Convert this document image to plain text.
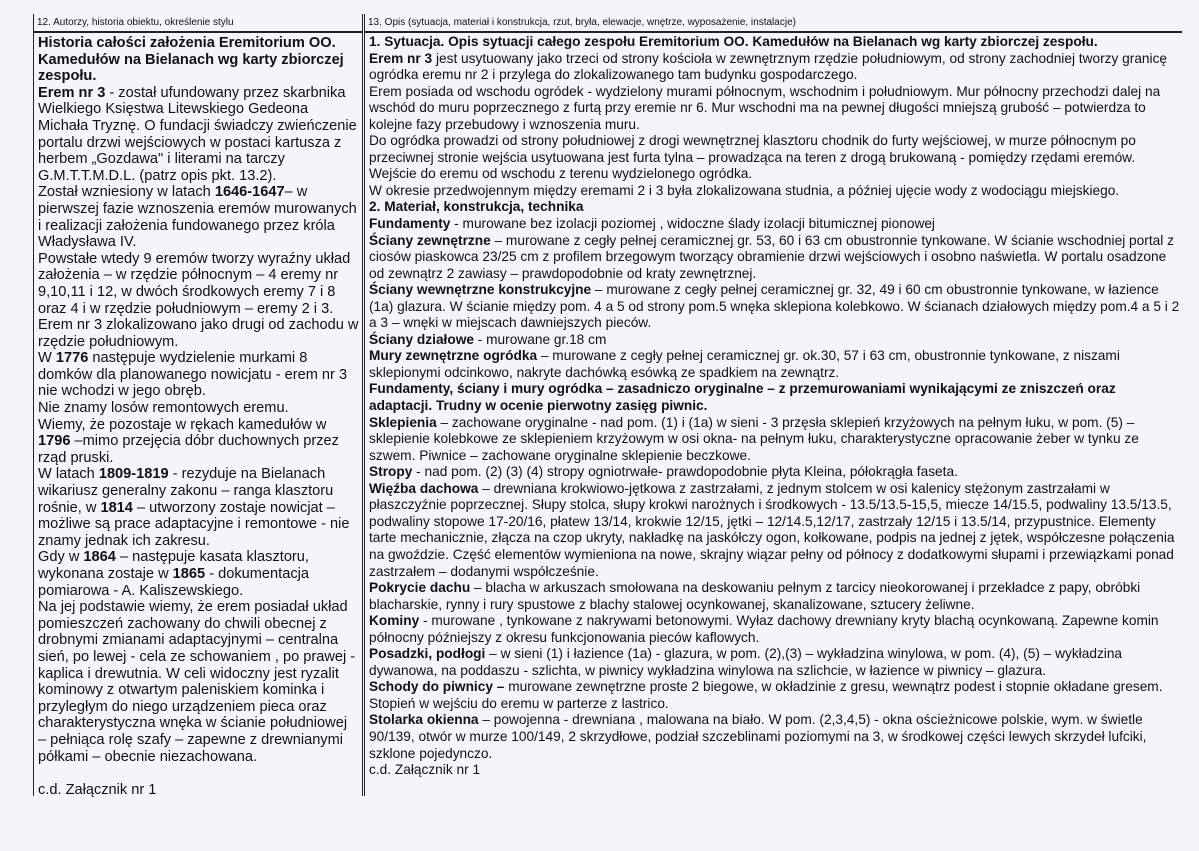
12. Autorzy, historia obiektu, określenie stylu
Historia całości założenia Eremitorium OO. Kamedułów na Bielanach wg karty zbiorczej zespołu.
Erem nr 3 - został ufundowany przez skarbnika Wielkiego Księstwa Litewskiego Gedeona Michała Tryznę. O fundacji świadczy zwieńczenie portalu drzwi wejściowych w postaci kartusza z herbem „Gozdawa" i literami na tarczy G.M.T.T.M.D.L. (patrz opis pkt. 13.2).
Został wzniesiony w latach 1646-1647– w pierwszej fazie wznoszenia eremów murowanych i realizacji założenia fundowanego przez króla Władysława IV.
Powstałe wtedy 9 eremów tworzy wyraźny układ założenia – w rzędzie północnym – 4 eremy nr 9,10,11 i 12, w dwóch środkowych eremy 7 i 8 oraz 4 i w rzędzie południowym – eremy 2 i 3.
Erem nr 3 zlokalizowano jako drugi od zachodu w rzędzie południowym.
W 1776 następuje wydzielenie murkami 8 domków dla planowanego nowicjatu - erem nr 3 nie wchodzi w jego obręb.
Nie znamy losów remontowych eremu.
Wiemy, że pozostaje w rękach kamedułów w 1796 –mimo przejęcia dóbr duchownych przez rząd pruski.
W latach 1809-1819 - rezyduje na Bielanach wikariusz generalny zakonu – ranga klasztoru rośnie, w 1814 – utworzony zostaje nowicjat – możliwe są prace adaptacyjne i remontowe - nie znamy jednak ich zakresu.
Gdy w 1864 – następuje kasata klasztoru, wykonana zostaje w 1865 - dokumentacja pomiarowa - A. Kaliszewskiego.
Na jej podstawie wiemy, że erem posiadał układ pomieszczeń zachowany do chwili obecnej z drobnymi zmianami adaptacyjnymi – centralna sień, po lewej - cela ze schowaniem , po prawej - kaplica i drewutnia. W celi widoczny jest ryzalit kominowy z otwartym paleniskiem kominka i przyległym do niego urządzeniem pieca oraz charakterystyczna wnęka w ścianie południowej – pełniąca rolę szafy – zapewne z drewnianymi półkami – obecnie niezachowana.
c.d. Załącznik nr 1
13. Opis (sytuacja, materiał i konstrukcja, rzut, bryła, elewacje, wnętrze, wyposażenie, instalacje)
1. Sytuacja. Opis sytuacji całego zespołu Eremitorium OO. Kamedułów na Bielanach wg karty zbiorczej zespołu.
Erem nr 3 jest usytuowany jako trzeci od strony kościoła w zewnętrznym rzędzie południowym, od strony zachodniej tworzy granicę ogródka eremu nr 2 i przylega do zlokalizowanego tam budynku gospodarczego.
Erem posiada od wschodu ogródek - wydzielony murami północnym, wschodnim i południowym. Mur północny przechodzi dalej na wschód do muru poprzecznego z furtą przy eremie nr 6. Mur wschodni ma na pewnej długości mniejszą grubość – potwierdza to kolejne fazy przebudowy i wznoszenia muru.
Do ogródka prowadzi od strony południowej z drogi wewnętrznej klasztoru chodnik do furty wejściowej, w murze północnym po przeciwnej stronie wejścia usytuowana jest furta tylna – prowadząca na teren z drogą brukowaną - pomiędzy rzędami eremów.
Wejście do eremu od wschodu z terenu wydzielonego ogródka.
W okresie przedwojennym między eremami 2 i 3 była zlokalizowana studnia, a później ujęcie wody z wodociągu miejskiego.
2. Materiał, konstrukcja, technika
Fundamenty - murowane bez izolacji poziomej , widoczne ślady izolacji bitumicznej pionowej
Ściany zewnętrzne – murowane z cegły pełnej ceramicznej gr. 53, 60 i 63 cm obustronnie tynkowane. W ścianie wschodniej portal z ciosów piaskowca 23/25 cm z profilem brzegowym tworzący obramienie drzwi wejściowych i osobno naświetla. W portalu osadzone od zewnątrz 2 zawiasy – prawdopodobnie od kraty zewnętrznej.
Ściany wewnętrzne konstrukcyjne – murowane z cegły pełnej ceramicznej gr. 32, 49 i 60 cm obustronnie tynkowane, w łazience (1a) glazura. W ścianie między pom. 4 a 5 od strony pom.5 wnęka sklepiona kolebkowo. W ścianach działowych między pom.4 a 5 i 2 a 3 – wnęki w miejscach dawniejszych pieców.
Ściany działowe - murowane gr.18 cm
Mury zewnętrzne ogródka – murowane z cegły pełnej ceramicznej gr. ok.30, 57 i 63 cm, obustronnie tynkowane, z niszami sklepionymi odcinkowo, nakryte dachówką esówką ze spadkiem na zewnątrz.
Fundamenty, ściany i mury ogródka – zasadniczo oryginalne – z przemurowaniami wynikającymi ze zniszczeń oraz adaptacji. Trudny w ocenie pierwotny zasięg piwnic.
Sklepienia – zachowane oryginalne - nad pom. (1) i (1a) w sieni - 3 przęsła sklepień krzyżowych na pełnym łuku, w pom. (5) – sklepienie kolebkowe ze sklepieniem krzyżowym w osi okna- na pełnym łuku, charakterystyczne opracowanie żeber w tynku ze szwem. Piwnice – zachowane oryginalne sklepienie beczkowe.
Stropy - nad pom. (2) (3) (4) stropy ogniotrwałe- prawdopodobnie płyta Kleina, półokrągła faseta.
Więźba dachowa – drewniana krokwiowo-jętkowa z zastrzałami, z jednym stolcem w osi kalenicy stężonym zastrzałami w płaszczyźnie poprzecznej. Słupy stolca, słupy krokwi narożnych i środkowych - 13.5/13.5-15,5, miecze 14/15.5, podwaliny 13.5/13.5, podwaliny stopowe 17-20/16, płatew 13/14, krokwie 12/15, jętki – 12/14.5,12/17, zastrzały 12/15 i 13.5/14, przypustnice. Elementy tarte mechanicznie, złącza na czop ukryty, nakładkę na jaskółczy ogon, kołkowane, podpis na jednej z jętek, współczesne połączenia na gwoździe. Część elementów wymieniona na nowe, skrajny wiązar pełny od północy z dodatkowymi słupami i przewiązkami ponad zastrzałem – dodanymi współcześnie.
Pokrycie dachu – blacha w arkuszach smołowana na deskowaniu pełnym z tarcicy nieokorowanej i przekładce z papy, obróbki blacharskie, rynny i rury spustowe z blachy stalowej ocynkowanej, skanalizowane, sztucery żeliwne.
Kominy - murowane , tynkowane z nakrywami betonowymi. Wyłaz dachowy drewniany kryty blachą ocynkowaną. Zapewne komin północny późniejszy z okresu funkcjonowania pieców kaflowych.
Posadzki, podłogi – w sieni (1) i łazience (1a) - glazura, w pom. (2),(3) – wykładzina winylowa, w pom. (4), (5) – wykładzina dywanowa, na poddaszu - szlichta, w piwnicy wykładzina winylowa na szlichcie, w łazience w piwnicy – glazura.
Schody do piwnicy – murowane zewnętrzne proste 2 biegowe, w okładzinie z gresu, wewnątrz podest i stopnie okładane gresem. Stopień w wejściu do eremu w parterze z lastrico.
Stolarka okienna – powojenna - drewniana , malowana na biało. W pom. (2,3,4,5) - okna ościeżnicowe polskie, wym. w świetle 90/139, otwór w murze 100/149, 2 skrzydłowe, podział szczeblinami poziomymi na 3, w środkowej części lewych skrzydeł lufciki, szklone pojedynczo.
c.d. Załącznik nr 1
